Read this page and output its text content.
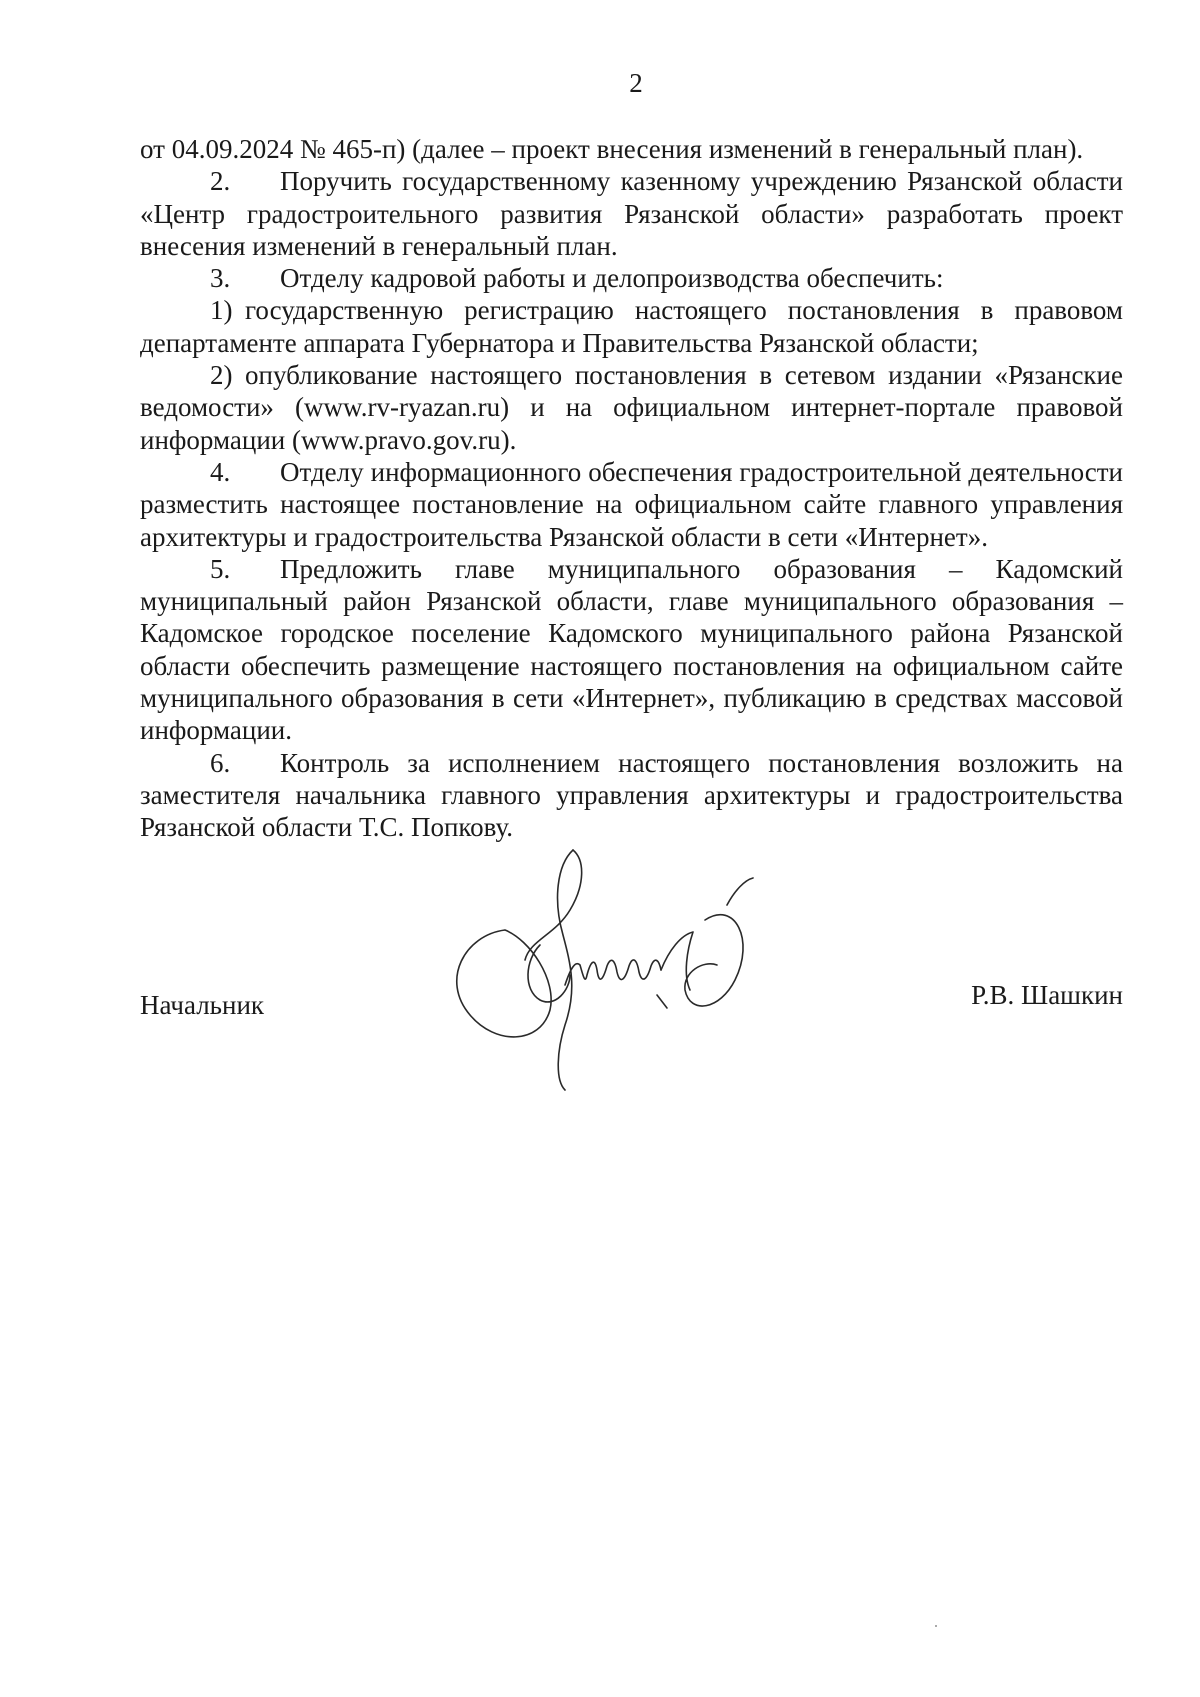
2

от 04.09.2024 № 465-п) (далее – проект внесения изменений в генеральный план).

2. Поручить государственному казенному учреждению Рязанской области «Центр градостроительного развития Рязанской области» разработать проект внесения изменений в генеральный план.

3. Отделу кадровой работы и делопроизводства обеспечить:

1) государственную регистрацию настоящего постановления в правовом департаменте аппарата Губернатора и Правительства Рязанской области;

2) опубликование настоящего постановления в сетевом издании «Рязанские ведомости» (www.rv-ryazan.ru) и на официальном интернет-портале правовой информации (www.pravo.gov.ru).

4. Отделу информационного обеспечения градостроительной деятельности разместить настоящее постановление на официальном сайте главного управления архитектуры и градостроительства Рязанской области в сети «Интернет».

5. Предложить главе муниципального образования – Кадомский муниципальный район Рязанской области, главе муниципального образования – Кадомское городское поселение Кадомского муниципального района Рязанской области обеспечить размещение настоящего постановления на официальном сайте муниципального образования в сети «Интернет», публикацию в средствах массовой информации.

6. Контроль за исполнением настоящего постановления возложить на заместителя начальника главного управления архитектуры и градостроительства Рязанской области Т.С. Попкову.

Начальник	Р.В. Шашкин
